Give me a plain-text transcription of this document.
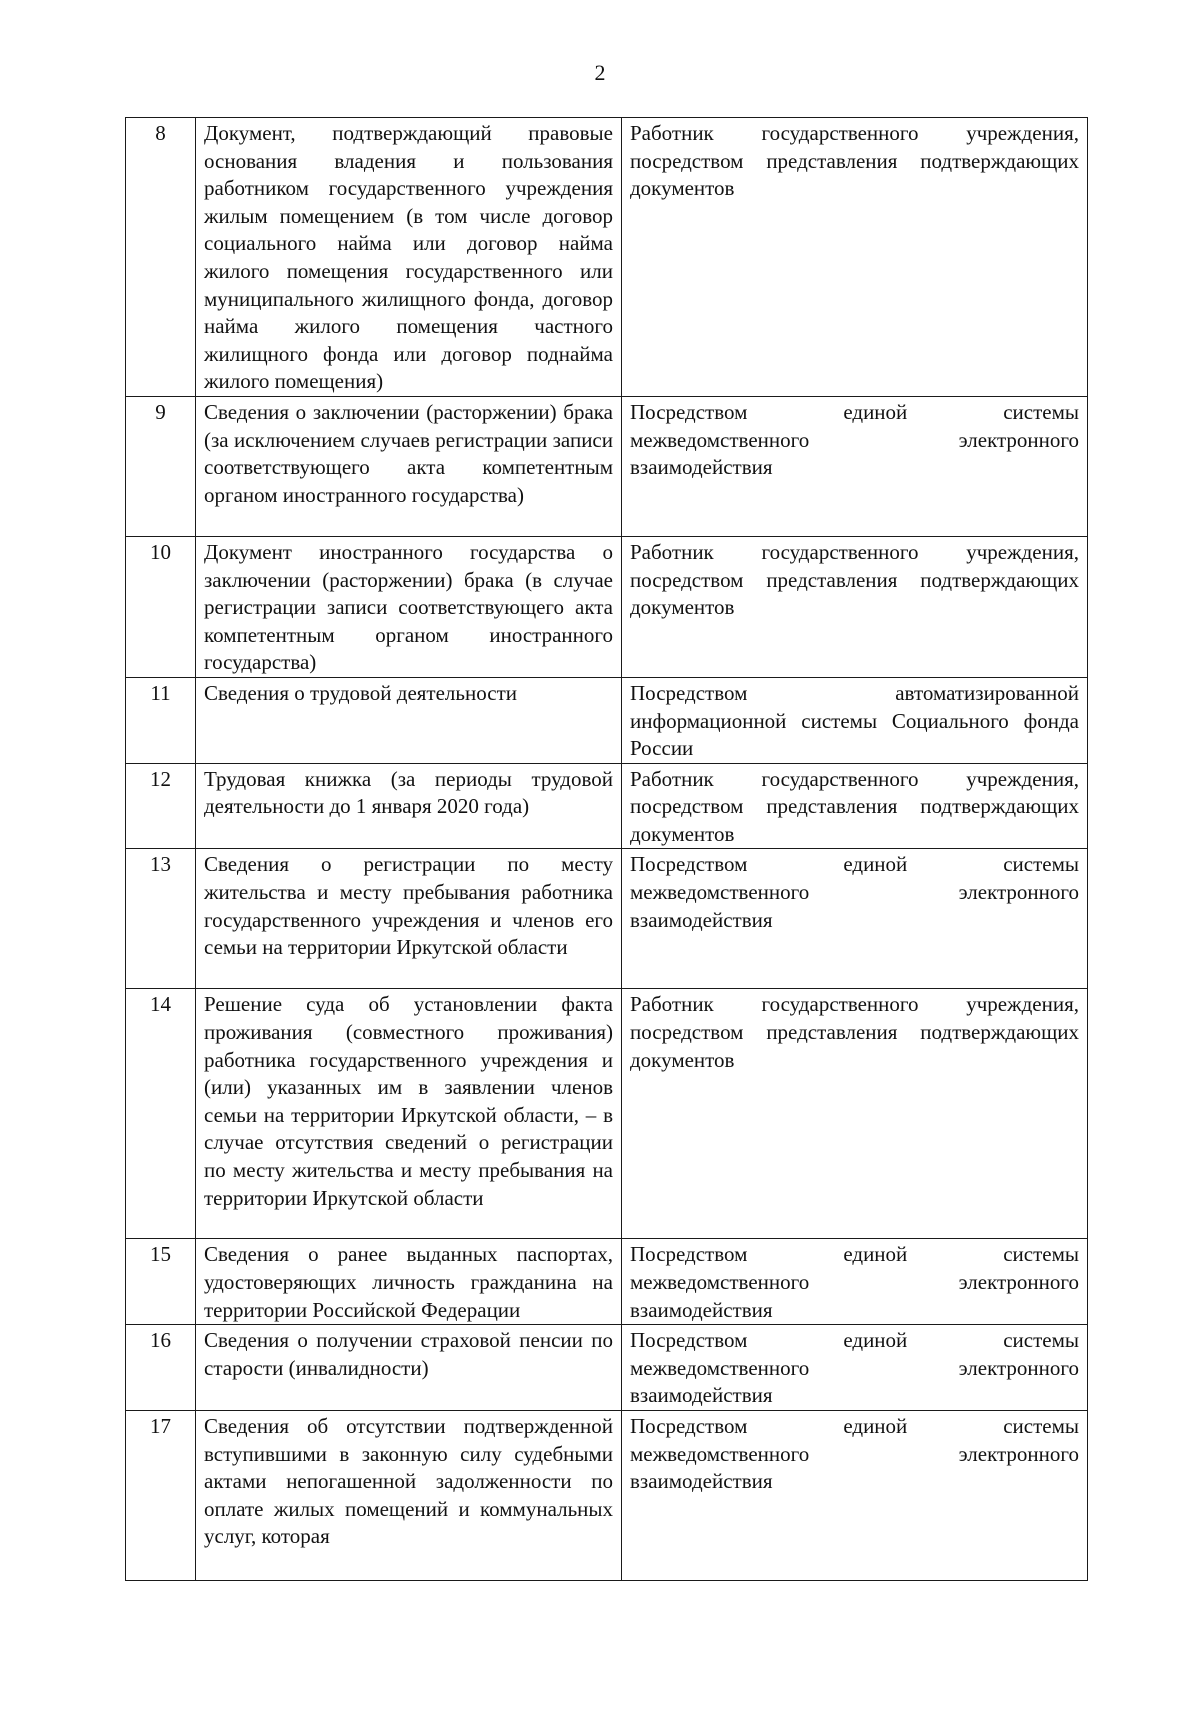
2
8	Документ, подтверждающий правовые основания владения и пользования работником государственного учреждения жилым помещением (в том числе договор социального найма или договор найма жилого помещения государственного или муниципального жилищного фонда, договор найма жилого помещения частного жилищного фонда или договор поднайма жилого помещения)	Работник государственного учреждения, посредством представления подтверждающих документов
9	Сведения о заключении (расторжении) брака (за исключением случаев регистрации записи соответствующего акта компетентным органом иностранного государства)	Посредством единой системы межведомственного электронного взаимодействия
10	Документ иностранного государства о заключении (расторжении) брака (в случае регистрации записи соответствующего акта компетентным органом иностранного государства)	Работник государственного учреждения, посредством представления подтверждающих документов
11	Сведения о трудовой деятельности	Посредством автоматизированной информационной системы Социального фонда России
12	Трудовая книжка (за периоды трудовой деятельности до 1 января 2020 года)	Работник государственного учреждения, посредством представления подтверждающих документов
13	Сведения о регистрации по месту жительства и месту пребывания работника государственного учреждения и членов его семьи на территории Иркутской области	Посредством единой системы межведомственного электронного взаимодействия
14	Решение суда об установлении факта проживания (совместного проживания) работника государственного учреждения и (или) указанных им в заявлении членов семьи на территории Иркутской области, – в случае отсутствия сведений о регистрации по месту жительства и месту пребывания на территории Иркутской области	Работник государственного учреждения, посредством представления подтверждающих документов
15	Сведения о ранее выданных паспортах, удостоверяющих личность гражданина на территории Российской Федерации	Посредством единой системы межведомственного электронного взаимодействия
16	Сведения о получении страховой пенсии по старости (инвалидности)	Посредством единой системы межведомственного электронного взаимодействия
17	Сведения об отсутствии подтвержденной вступившими в законную силу судебными актами непогашенной задолженности по оплате жилых помещений и коммунальных услуг, которая	Посредством единой системы межведомственного электронного взаимодействия
